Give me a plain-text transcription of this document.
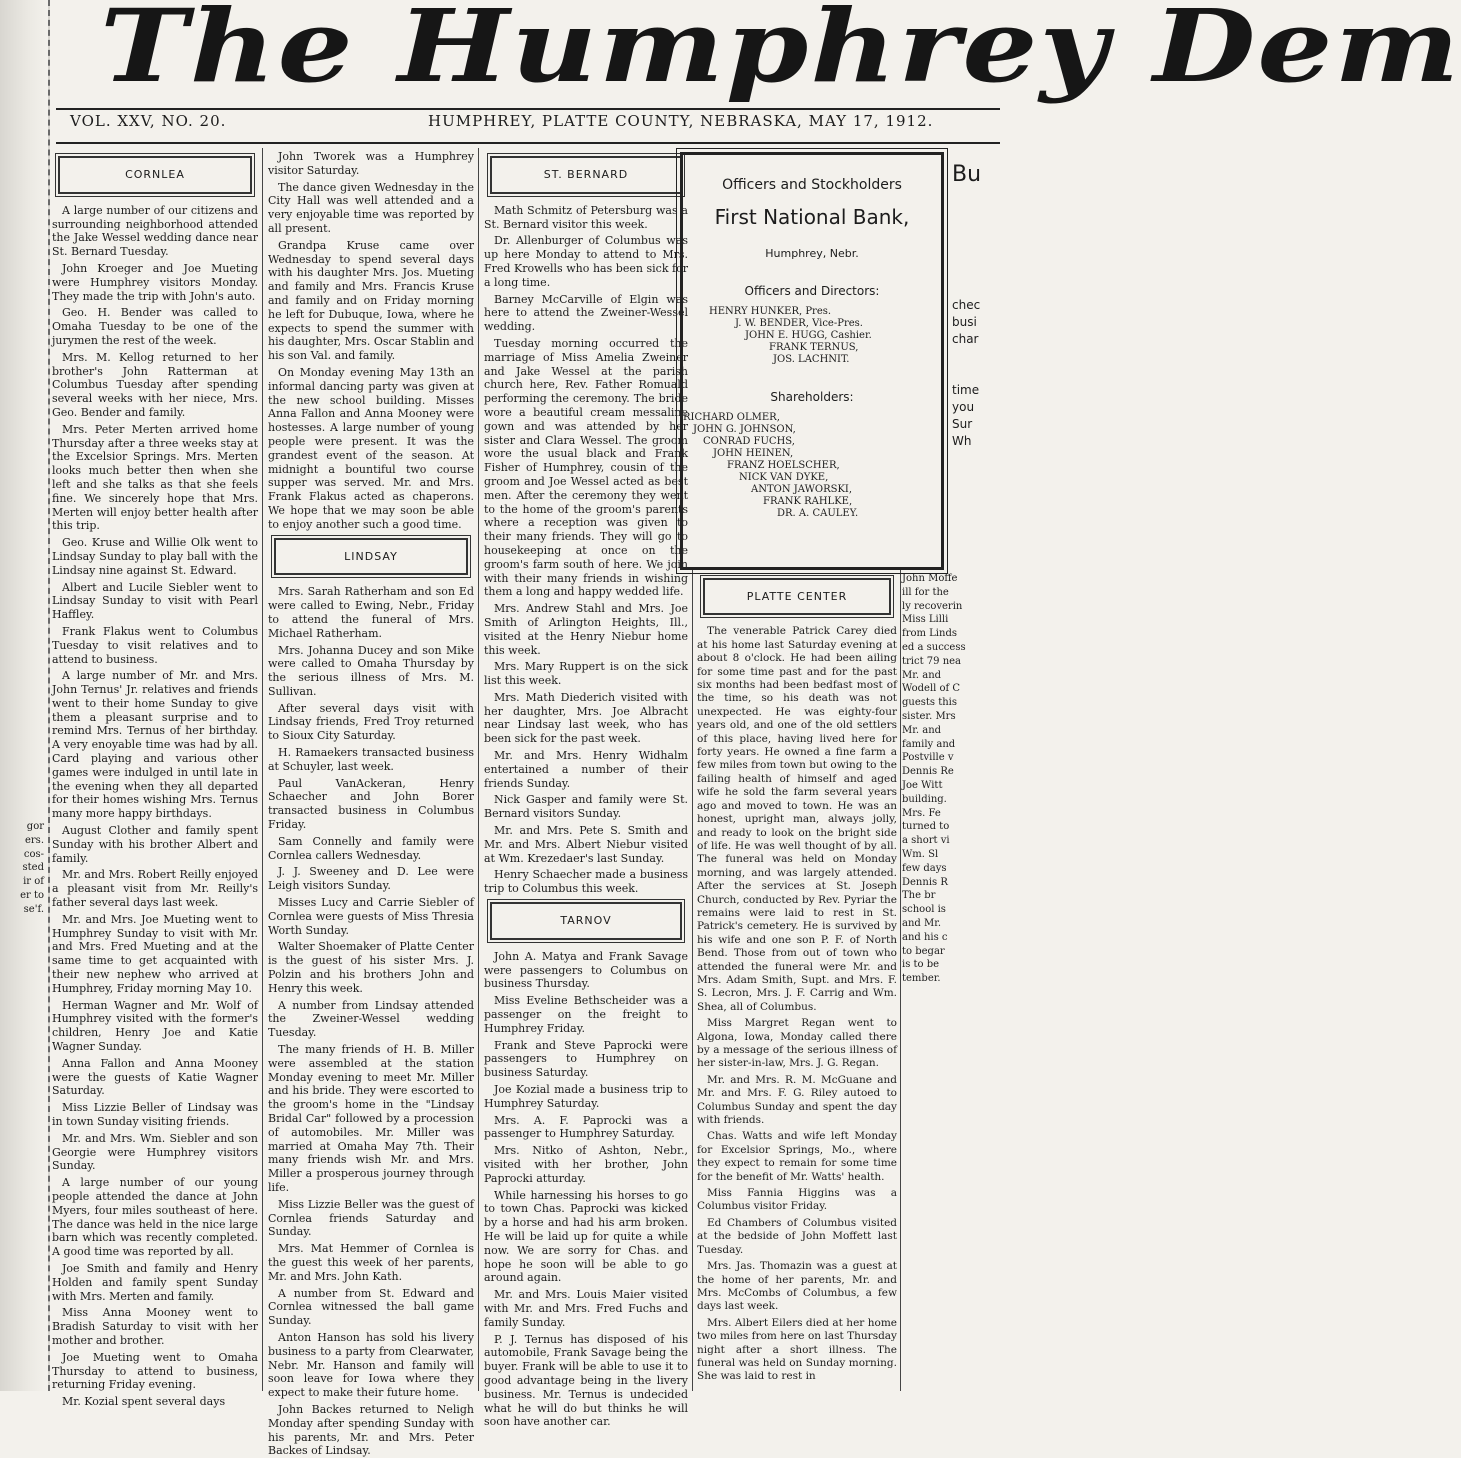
The Humphrey Dem
VOL. XXV, NO. 20.	HUMPHREY, PLATTE COUNTY, NEBRASKA, MAY 17, 1912.
CORNLEA

A large number of our citizens and surrounding neighborhood attended the Jake Wessel wedding dance near St. Bernard Tuesday.

John Kroeger and Joe Mueting were Humphrey visitors Monday. They made the trip with John's auto.

Geo. H. Bender was called to Omaha Tuesday to be one of the jurymen the rest of the week.

Mrs. M. Kellog returned to her brother's John Ratterman at Columbus Tuesday after spending several weeks with her niece, Mrs. Geo. Bender and family.

Mrs. Peter Merten arrived home Thursday after a three weeks stay at the Excelsior Springs. Mrs. Merten looks much better then when she left and she talks as that she feels fine. We sincerely hope that Mrs. Merten will enjoy better health after this trip.

Geo. Kruse and Willie Olk went to Lindsay Sunday to play ball with the Lindsay nine against St. Edward.

Albert and Lucile Siebler went to Lindsay Sunday to visit with Pearl Haffley.

Frank Flakus went to Columbus Tuesday to visit relatives and to attend to business.

A large number of Mr. and Mrs. John Ternus' Jr. relatives and friends went to their home Sunday to give them a pleasant surprise and to remind Mrs. Ternus of her birthday. A very enoyable time was had by all. Card playing and various other games were indulged in until late in the evening when they all departed for their homes wishing Mrs. Ternus many more happy birthdays.

August Clother and family spent Sunday with his brother Albert and family.

Mr. and Mrs. Robert Reilly enjoyed a pleasant visit from Mr. Reilly's father several days last week.

Mr. and Mrs. Joe Mueting went to Humphrey Sunday to visit with Mr. and Mrs. Fred Mueting and at the same time to get acquainted with their new nephew who arrived at Humphrey, Friday morning May 10.

Herman Wagner and Mr. Wolf of Humphrey visited with the former's children, Henry Joe and Katie Wagner Sunday.

Anna Fallon and Anna Mooney were the guests of Katie Wagner Saturday.

Miss Lizzie Beller of Lindsay was in town Sunday visiting friends.

Mr. and Mrs. Wm. Siebler and son Georgie were Humphrey visitors Sunday.

A large number of our young people attended the dance at John Myers, four miles southeast of here. The dance was held in the nice large barn which was recently completed. A good time was reported by all.

Joe Smith and family and Henry Holden and family spent Sunday with Mrs. Merten and family.

Miss Anna Mooney went to Bradish Saturday to visit with her mother and brother.

Joe Mueting went to Omaha Thursday to attend to business, returning Friday evening.

Mr. Kozial spent several days

John Tworek was a Humphrey visitor Saturday.

The dance given Wednesday in the City Hall was well attended and a very enjoyable time was reported by all present.

Grandpa Kruse came over Wednesday to spend several days with his daughter Mrs. Jos. Mueting and family and Mrs. Francis Kruse and family and on Friday morning he left for Dubuque, Iowa, where he expects to spend the summer with his daughter, Mrs. Oscar Stablin and his son Val. and family.

On Monday evening May 13th an informal dancing party was given at the new school building. Misses Anna Fallon and Anna Mooney were hostesses. A large number of young people were present. It was the grandest event of the season. At midnight a bountiful two course supper was served. Mr. and Mrs. Frank Flakus acted as chaperons. We hope that we may soon be able to enjoy another such a good time.

LINDSAY

Mrs. Sarah Ratherham and son Ed were called to Ewing, Nebr., Friday to attend the funeral of Mrs. Michael Ratherham.

Mrs. Johanna Ducey and son Mike were called to Omaha Thursday by the serious illness of Mrs. M. Sullivan.

After several days visit with Lindsay friends, Fred Troy returned to Sioux City Saturday.

H. Ramaekers transacted business at Schuyler, last week.

Paul VanAckeran, Henry Schaecher and John Borer transacted business in Columbus Friday.

Sam Connelly and family were Cornlea callers Wednesday.

J. J. Sweeney and D. Lee were Leigh visitors Sunday.

Misses Lucy and Carrie Siebler of Cornlea were guests of Miss Thresia Worth Sunday.

Walter Shoemaker of Platte Center is the guest of his sister Mrs. J. Polzin and his brothers John and Henry this week.

A number from Lindsay attended the Zweiner-Wessel wedding Tuesday.

The many friends of H. B. Miller were assembled at the station Monday evening to meet Mr. Miller and his bride. They were escorted to the groom's home in the "Lindsay Bridal Car" followed by a procession of automobiles. Mr. Miller was married at Omaha May 7th. Their many friends wish Mr. and Mrs. Miller a prosperous journey through life.

Miss Lizzie Beller was the guest of Cornlea friends Saturday and Sunday.

Mrs. Mat Hemmer of Cornlea is the guest this week of her parents, Mr. and Mrs. John Kath.

A number from St. Edward and Cornlea witnessed the ball game Sunday.

Anton Hanson has sold his livery business to a party from Clearwater, Nebr. Mr. Hanson and family will soon leave for Iowa where they expect to make their future home.

John Backes returned to Neligh Monday after spending Sunday with his parents, Mr. and Mrs. Peter Backes of Lindsay.

ST. BERNARD

Math Schmitz of Petersburg was a St. Bernard visitor this week.

Dr. Allenburger of Columbus was up here Monday to attend to Mrs. Fred Krowells who has been sick for a long time.

Barney McCarville of Elgin was here to attend the Zweiner-Wessel wedding.

Tuesday morning occurred the marriage of Miss Amelia Zweiner and Jake Wessel at the parish church here, Rev. Father Romuald performing the ceremony. The bride wore a beautiful cream messaline gown and was attended by her sister and Clara Wessel. The groom wore the usual black and Frank Fisher of Humphrey, cousin of the groom and Joe Wessel acted as best men. After the ceremony they went to the home of the groom's parents where a reception was given to their many friends. They will go to housekeeping at once on the groom's farm south of here. We join with their many friends in wishing them a long and happy wedded life.

Mrs. Andrew Stahl and Mrs. Joe Smith of Arlington Heights, Ill., visited at the Henry Niebur home this week.

Mrs. Mary Ruppert is on the sick list this week.

Mrs. Math Diederich visited with her daughter, Mrs. Joe Albracht near Lindsay last week, who has been sick for the past week.

Mr. and Mrs. Henry Widhalm entertained a number of their friends Sunday.

Nick Gasper and family were St. Bernard visitors Sunday.

Mr. and Mrs. Pete S. Smith and Mr. and Mrs. Albert Niebur visited at Wm. Krezedaer's last Sunday.

Henry Schaecher made a business trip to Columbus this week.

TARNOV

John A. Matya and Frank Savage were passengers to Columbus on business Thursday.

Miss Eveline Bethscheider was a passenger on the freight to Humphrey Friday.

Frank and Steve Paprocki were passengers to Humphrey on business Saturday.

Joe Kozial made a business trip to Humphrey Saturday.

Mrs. A. F. Paprocki was a passenger to Humphrey Saturday.

Mrs. Nitko of Ashton, Nebr., visited with her brother, John Paprocki atturday.

While harnessing his horses to go to town Chas. Paprocki was kicked by a horse and had his arm broken. He will be laid up for quite a while now. We are sorry for Chas. and hope he soon will be able to go around again.

Mr. and Mrs. Louis Maier visited with Mr. and Mrs. Fred Fuchs and family Sunday.

P. J. Ternus has disposed of his automobile, Frank Savage being the buyer. Frank will be able to use it to good advantage being in the livery business. Mr. Ternus is undecided what he will do but thinks he will soon have another car.

Officers and Stockholders
First National Bank,
Humphrey, Nebr.
Officers and Directors:
HENRY HUNKER, Pres.
J. W. BENDER, Vice-Pres.
JOHN E. HUGG, Cashier.
FRANK TERNUS,
JOS. LACHNIT.
Shareholders:
RICHARD OLMER,
JOHN G. JOHNSON,
CONRAD FUCHS,
JOHN HEINEN,
FRANZ HOELSCHER,
NICK VAN DYKE,
ANTON JAWORSKI,
FRANK RAHLKE,
DR. A. CAULEY.
Bu
chec
busi
char
time
you
Sur
Wh
PLATTE CENTER

The venerable Patrick Carey died at his home last Saturday evening at about 8 o'clock. He had been ailing for some time past and for the past six months had been bedfast most of the time, so his death was not unexpected. He was eighty-four years old, and one of the old settlers of this place, having lived here for forty years. He owned a fine farm a few miles from town but owing to the failing health of himself and aged wife he sold the farm several years ago and moved to town. He was an honest, upright man, always jolly, and ready to look on the bright side of life. He was well thought of by all. The funeral was held on Monday morning, and was largely attended. After the services at St. Joseph Church, conducted by Rev. Pyriar the remains were laid to rest in St. Patrick's cemetery. He is survived by his wife and one son P. F. of North Bend. Those from out of town who attended the funeral were Mr. and Mrs. Adam Smith, Supt. and Mrs. F. S. Lecron, Mrs. J. F. Carrig and Wm. Shea, all of Columbus.

Miss Margret Regan went to Algona, Iowa, Monday called there by a message of the serious illness of her sister-in-law, Mrs. J. G. Regan.

Mr. and Mrs. R. M. McGuane and Mr. and Mrs. F. G. Riley autoed to Columbus Sunday and spent the day with friends.

Chas. Watts and wife left Monday for Excelsior Springs, Mo., where they expect to remain for some time for the benefit of Mr. Watts' health.

Miss Fannia Higgins was a Columbus visitor Friday.

Ed Chambers of Columbus visited at the bedside of John Moffett last Tuesday.

Mrs. Jas. Thomazin was a guest at the home of her parents, Mr. and Mrs. McCombs of Columbus, a few days last week.

Mrs. Albert Eilers died at her home two miles from here on last Thursday night after a short illness. The funeral was held on Sunday morning. She was laid to rest in

John Moffe
ill for the
ly recoverin
Miss Lilli
from Linds
ed a success
trict 79 nea
Mr. and
Wodell of C
guests this
sister. Mrs
Mr. and
family and
Postville v
Dennis Re
Joe Witt
building.
Mrs. Fe
turned to
a short vi
Wm. Sl
few days
Dennis R
The br
school is
and Mr.
and his c
to begar
is to be
tember.
gor
ers.
cos-
sted
ir of
er to
se'f.
